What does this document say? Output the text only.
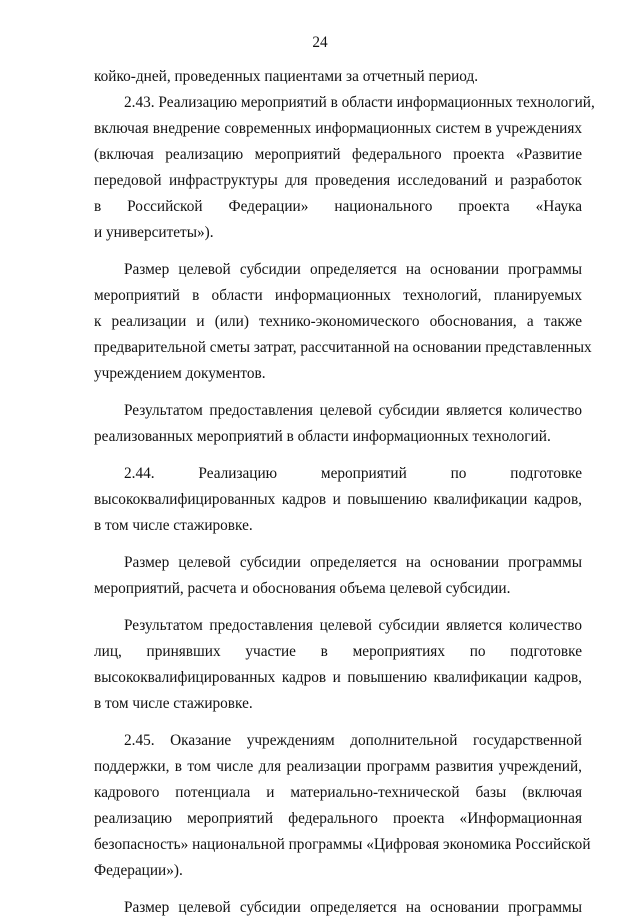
24
койко-дней, проведенных пациентами за отчетный период.
2.43. Реализацию мероприятий в области информационных технологий,
включая внедрение современных информационных систем в учреждениях
(включая реализацию мероприятий федерального проекта «Развитие
передовой инфраструктуры для проведения исследований и разработок
в Российской Федерации» национального проекта «Наука
и университеты»).
Размер целевой субсидии определяется на основании программы
мероприятий в области информационных технологий, планируемых
к реализации и (или) технико-экономического обоснования, а также
предварительной сметы затрат, рассчитанной на основании представленных
учреждением документов.
Результатом предоставления целевой субсидии является количество
реализованных мероприятий в области информационных технологий.
2.44. Реализацию мероприятий по подготовке
высококвалифицированных кадров и повышению квалификации кадров,
в том числе стажировке.
Размер целевой субсидии определяется на основании программы
мероприятий, расчета и обоснования объема целевой субсидии.
Результатом предоставления целевой субсидии является количество
лиц, принявших участие в мероприятиях по подготовке
высококвалифицированных кадров и повышению квалификации кадров,
в том числе стажировке.
2.45. Оказание учреждениям дополнительной государственной
поддержки, в том числе для реализации программ развития учреждений,
кадрового потенциала и материально-технической базы (включая
реализацию мероприятий федерального проекта «Информационная
безопасность» национальной программы «Цифровая экономика Российской
Федерации»).
Размер целевой субсидии определяется на основании программы
